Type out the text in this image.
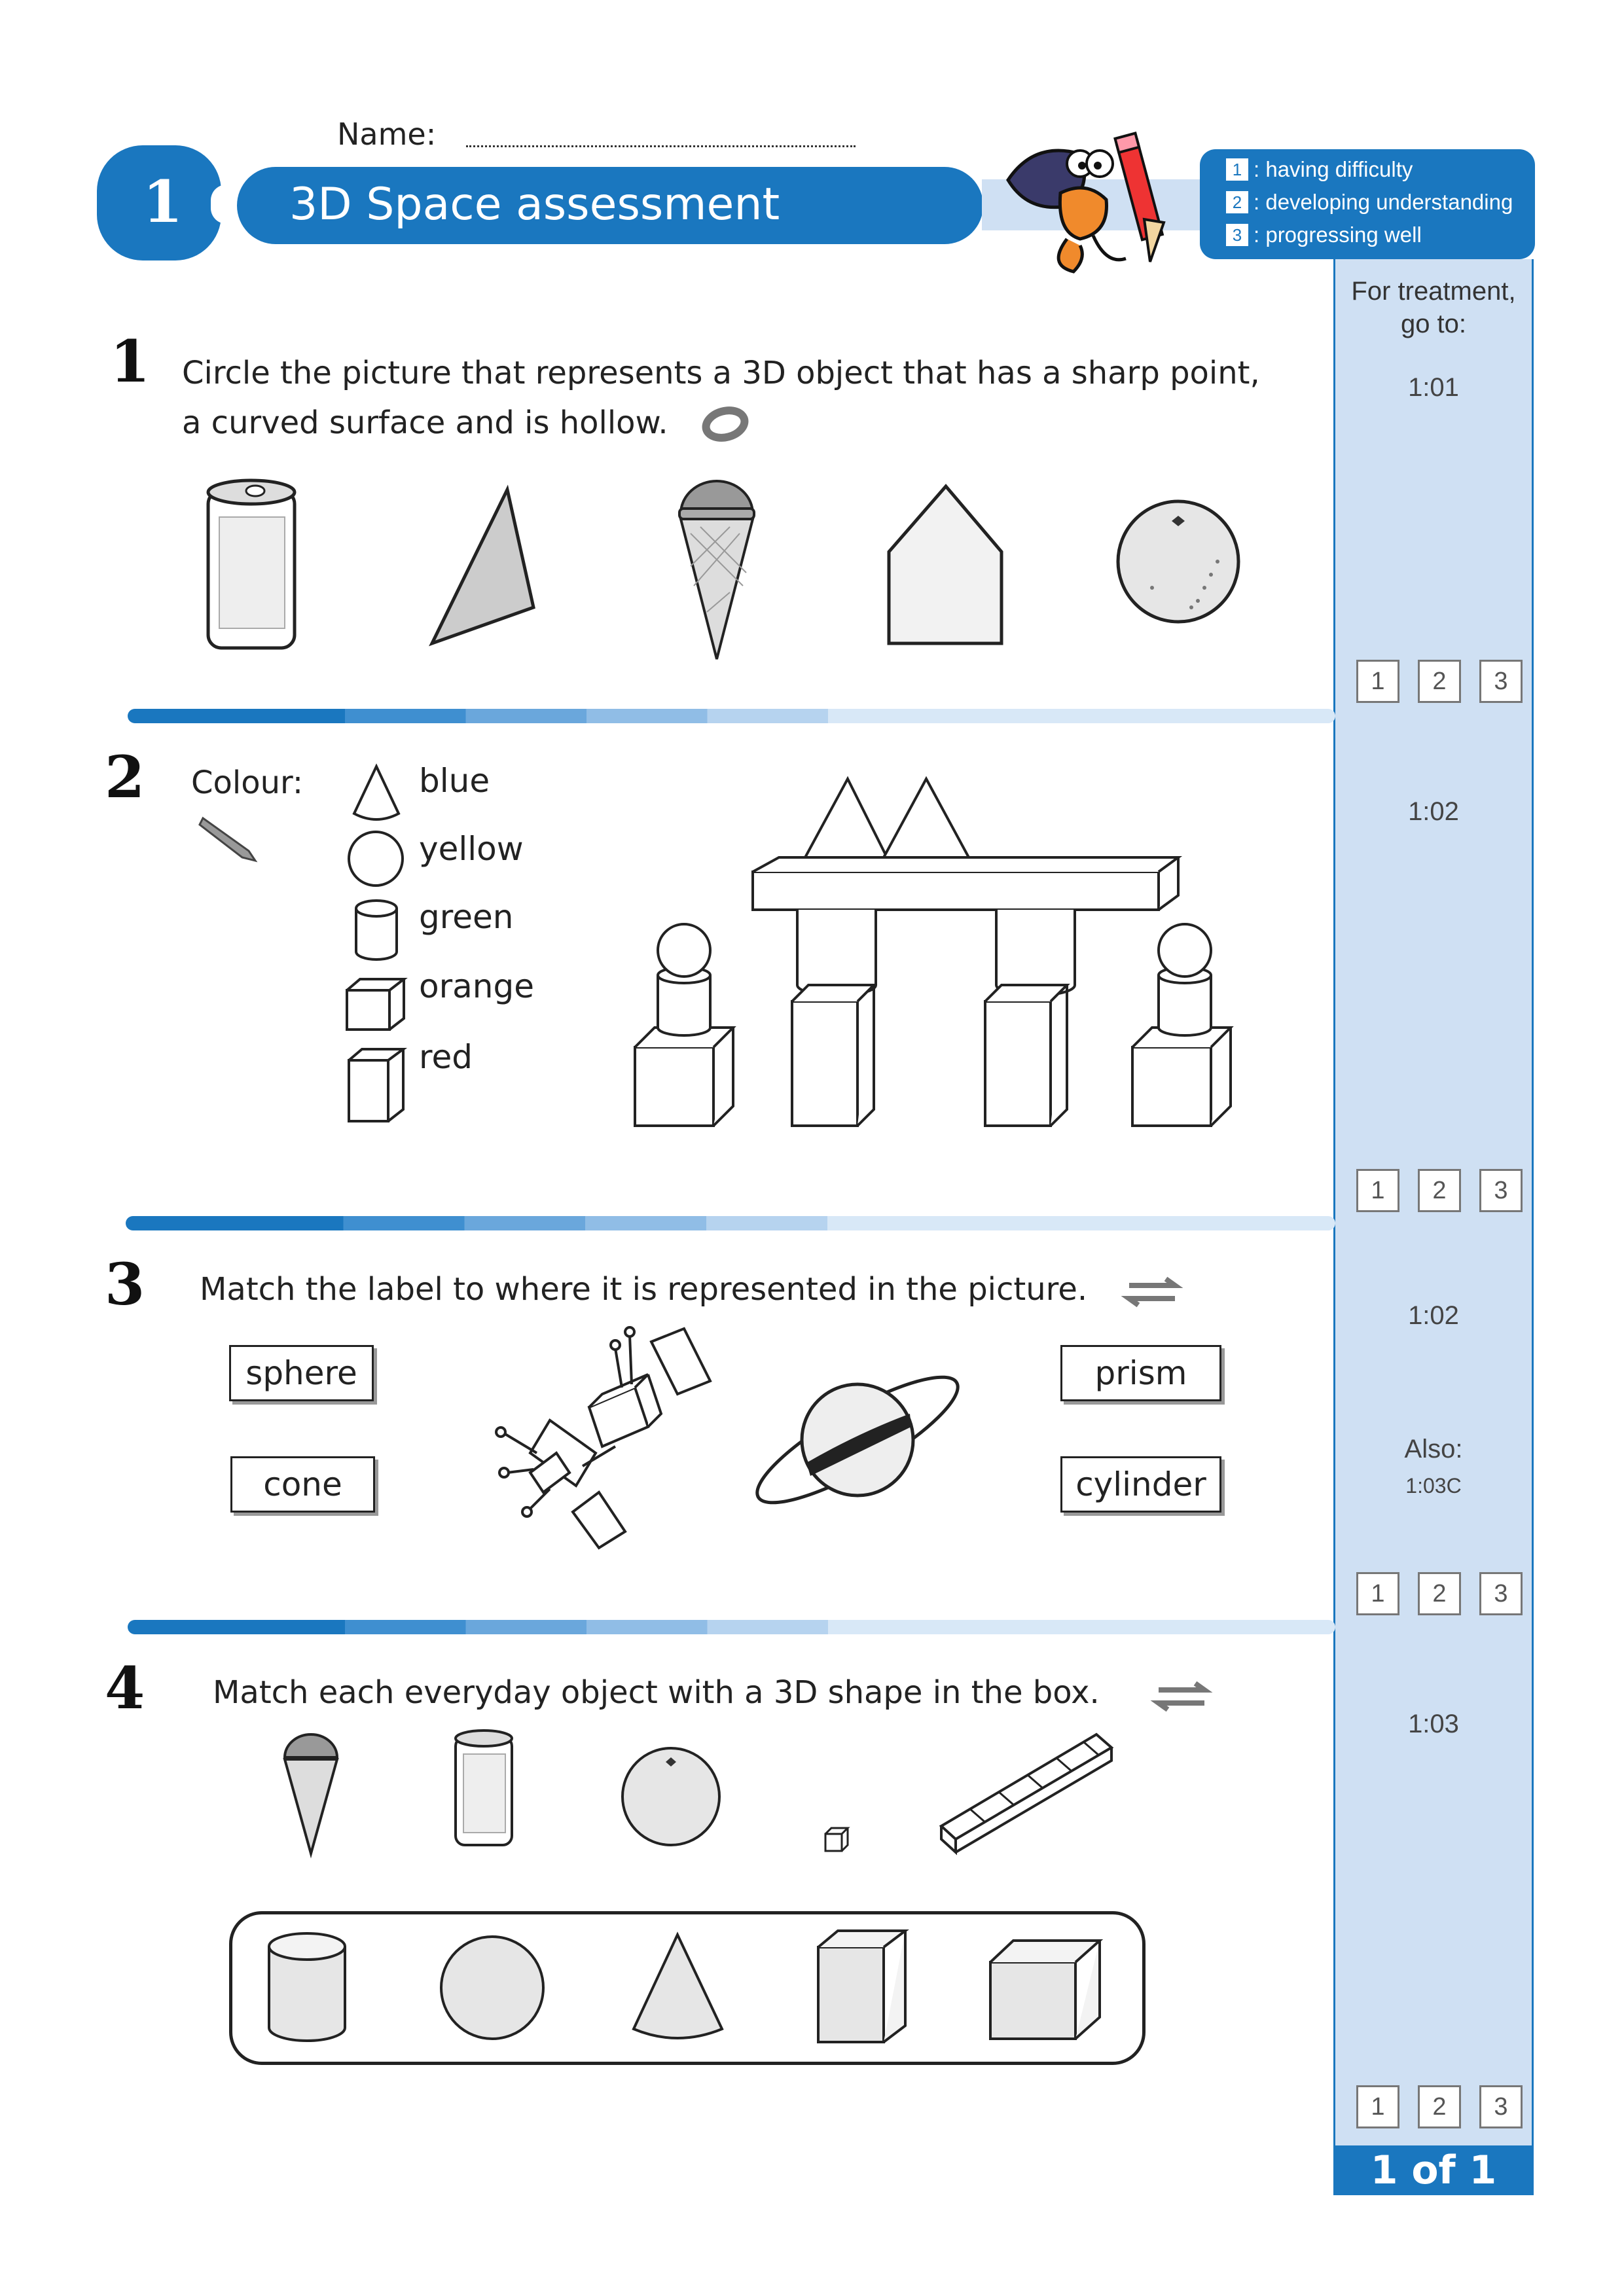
Name:
1 3D Space assessment
1 : having difficulty
2 : developing understanding
3 : progressing well
For treatment, go to:
1:01
1	2	3
1:02
1	2	3
1:02
Also:
1:03C
1	2	3
1:03
1	2	3
1 of 1
1 Circle the picture that represents a 3D object that has a sharp point,
a curved surface and is hollow.
2 Colour:	blue
yellow
green
orange
red
3 Match the label to where it is represented in the picture.
sphere
cone
prism
cylinder
4 Match each everyday object with a 3D shape in the box.
